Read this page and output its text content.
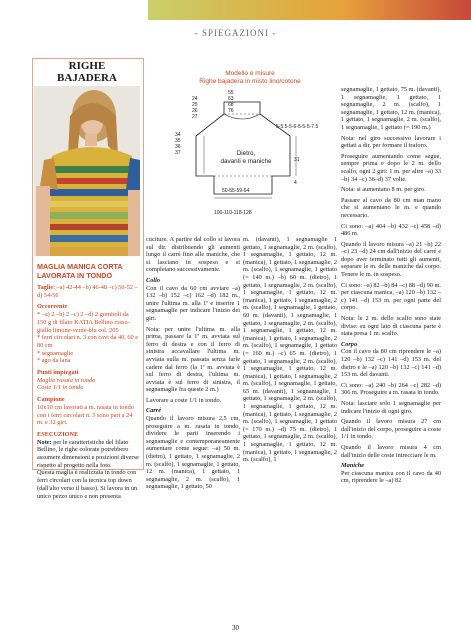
- SPIEGAZIONI -
RIGHE
BAJADERA
MAGLIA MANICA CORTA LAVORATA IN TONDO
Taglie: –a) 42-44 –b) 46-48 –c) 50-52 –d) 54-56
Occorrente
* –a) 2 –b) 2 –c) 2 –d) 2 gomitoli da 150 g di filato KATIA Bellino rosso-giallo limone-verde-blu col. 205
* ferri circolari n. 3 con cavi da 40, 60 e 80 cm
* segnamaglie
* ago da lana
Punti impiegati
Maglia rasata in tondo
Coste 1/1 in tondo
Campione
10x10 cm lavorati a m. rasata in tondo con i ferri circolari n. 3 sono pari a 24 m. e 32 giri.
ESECUZIONE
Note: per le caratteristiche del filato Bellino, le righe colorate potrebbero assumere dimensioni e posizioni diverse rispetto al progetto nella foto.
Questa maglia è realizzata in tondo con ferri circolari con la tecnica top down (dall'alto verso il basso). Si lavora in un unico pezzo unico e non presenta
Modello e misure
Righe bajadera in misto lino/cotone
24
25
26
27
55
63
68
76
34
35
36
37
5-5.5-5-6-5-5-5-7.5
31
4
Dietro,
davanti e maniche
50-55-59-64
100-110-118-128

cuciture. A partire dal collo si lavora sul dir. distribuendo gli aumenti lungo il carré fino alle maniche, che si lasciano in sospeso e si completano successivamente.

Collo

Con il cavo da 60 cm avviare –a) 132 –b) 152 –c) 162 –d) 182 m., unire l'ultima m. alla 1ª e inserire 1 segnamaglie per indicare l'inizio dei giri.

Nota: per unire l'ultima m. alla prima, passare la 1ª m. avviata sul ferro di destra e con il ferro di sinistra accavallare l'ultima m. avviata sulla m. passata senza farle cadere dal ferro (la 1ª m. avviata è sul ferro di destra, l'ultima m. avviata è sul ferro di sinistra, il segnamaglie fra queste 2 m.)

Lavorare a coste 1/1 in tondo.

Carré

Quando il lavoro misura 2,5 cm, proseguire a m. rasata in tondo, dividere le parti inserendo i segnamaglie e contemporaneamente aumentare come segue: –a) 50 m. (dietro), 1 gettato, 1 segnamaglie, 2 m. (scalfo), 1 segnamaglie, 1 gettato, 12 m. (manica), 1 gettato, 1 segnamaglie, 2 m. (scalfo), 1 segnamaglie, 1 gettato, 50

m. (davanti), 1 segnamaglie 1 gettato, 1 segnamaglie, 2 m. (scalfo), 1 segnamaglie, 1 gettato, 12 m. (manica), 1 gettato, 1 segnamaglie, 2 m. (scalfo), 1 segnamaglie, 1 gettato (= 140 m.) –b) 60 m. (dietro), 1 gettato, 1 segnamaglie, 2 m. (scalfo), 1 segnamaglie, 1 gettato, 12 m. (manica), 1 gettato, 1 segnamaglie, 2 m. (scalfo), 1 segnamaglie, 1 gettato, 60 m. (davanti), 1 segnamaglie, 1 gettato, 1 segnamaglie, 2 m. (scalfo), 1 segnamaglie, 1 gettato, 12 m. (manica), 1 gettato, 1 segnamaglie, 2 m. (scalfo), 1 segnamaglie, 1 gettato (= 160 m.) –c) 65 m. (dietro), 1 gettato, 1 segnamaglie, 2 m. (scalfo), 1 segnamaglie, 1 gettato, 12 m. (manica), 1 gettato, 1 segnamaglie, 2 m. (scalfo), 1 segnamaglie, 1 gettato, 65 m. (davanti), 1 segnamaglie, 1 gettato, 1 segnamaglie, 2 m. (scalfo), 1 segnamaglie, 1 gettato, 12 m. (manica), 1 gettato, 1 segnamaglie, 2 m. (scalfo), 1 segnamaglie, 1 gettato (= 170 m.) –d) 75 m. (dietro), 1 gettato, 1 segnamaglie, 2 m. (scalfo), 1 segnamaglie, 1 gettato, 12 m. (manica), 1 gettato, 1 segnamaglie, 2 m. (scalfo), 1

segnamaglie, 1 gettato, 75 m. (davanti), 1 segnamaglie, 1 gettato, 1 segnamaglie, 2 m. (scalfo), 1 segnamaglie, 1 gettato, 12 m. (manica), 1 gettato, 1 segnamaglie, 2 m. (scalfo), 1 segnamaglie, 1 gettato (= 190 m.)

Nota: nel giro successivo lavorare i gettati a dir. per formare il traforo.

Proseguire aumentando come segue, sempre prima e dopo le 2 m. dello scalfo, ogni 2 giri: 1 m. per altre –a) 33 –b) 34 –c) 36–d) 37 volte.

Nota: si aumentano 8 m. per giro.

Passare al cavo da 80 cm man mano che si aumentano le m. e quando necessario.

Ci sono: –a) 404 –b) 432 –c) 458 –d) 486 m.

Quando il lavoro misura –a) 21 –b) 22 –c) 23 –d) 24 cm dall'inizio del carré e dopo aver terminato tutti gli aumenti, separare le m. delle maniche dal corpo. Tenere le m. in sospeso.

Ci sono: –a) 82 –b) 84 –c) 88 –d) 90 m. per ciascuna manica, –a) 120 –b) 132 –c) 141 –d) 153 m. per ogni parte del corpo.

Nota: le 2 m. dello scalfo sono state divise: su ogni lato di ciascuna parte è stata presa 1 m. scalfo.

Corpo

Con il cavo da 80 cm riprendere le –a) 120 –b) 132 –c) 141 –d) 153 m. del dietro e le –a) 120 –b) 132 –c) 141 –d) 153 m. del davanti.

Ci sono: –a) 240 –b) 264 –c) 282 –d) 306 m. Proseguire a m. rasata in tondo.

Nota: lasciare solo 1 segnamaglie per indicare l'inizio di ogni giro.

Quando il lavoro misura 27 cm dall'inizio del corpo, proseguire a coste 1/1 in tondo.

Quando il lavoro misura 4 cm dall'inizio delle coste intrecciare le m.

Maniche

Per ciascuna manica con il cavo da 40 cm, riprendere le –a) 82

30
